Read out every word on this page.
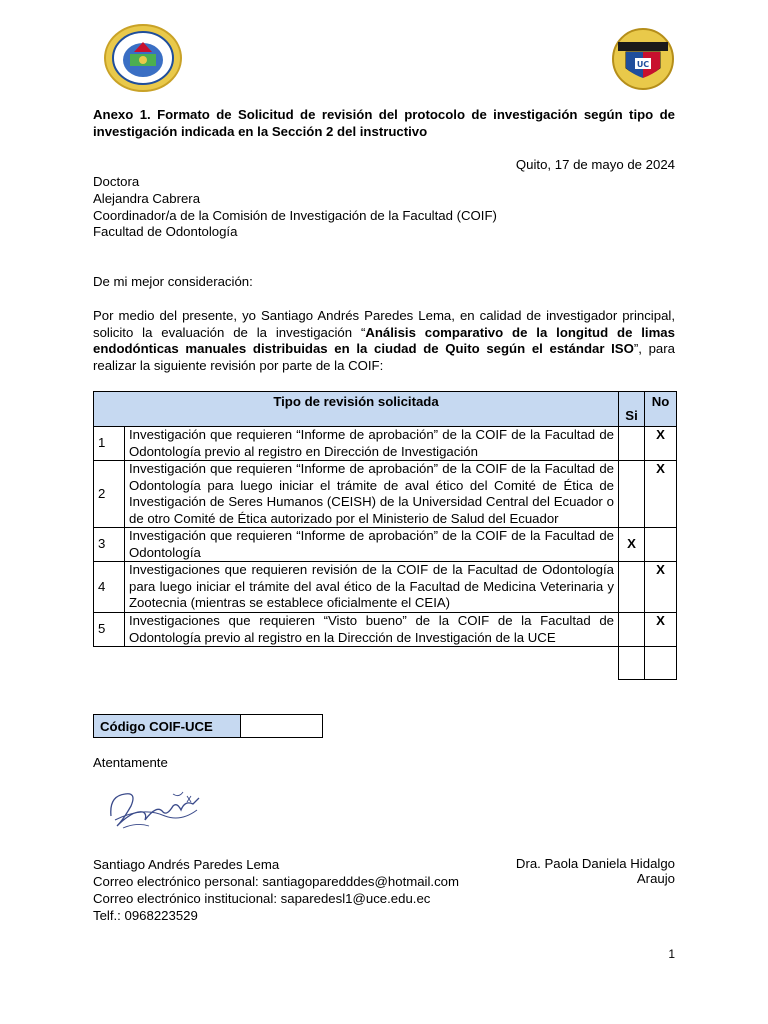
UC
Anexo 1. Formato de Solicitud de revisión del protocolo de investigación según tipo de investigación indicada en la Sección 2 del instructivo
Quito, 17 de mayo de 2024
Doctora
Alejandra Cabrera
Coordinador/a de la Comisión de Investigación de la Facultad (COIF)
Facultad de Odontología
De mi mejor consideración:
Por medio del presente, yo Santiago Andrés Paredes Lema, en calidad de investigador principal, solicito la evaluación de la investigación “Análisis comparativo de la longitud de limas endodónticas manuales distribuidas en la ciudad de Quito según el estándar ISO”, para realizar la siguiente revisión por parte de la COIF:
Tipo de revisión solicitada		Si	No
1	Investigación que requieren “Informe de aprobación” de la COIF de la Facultad de Odontología previo al registro en Dirección de Investigación		X
2	Investigación que requieren “Informe de aprobación” de la COIF de la Facultad de Odontología para luego iniciar el trámite de aval ético del Comité de Ética de Investigación de Seres Humanos (CEISH) de la Universidad Central del Ecuador o de otro Comité de Ética autorizado por el Ministerio de Salud del Ecuador		X
3	Investigación que requieren “Informe de aprobación” de la COIF de la Facultad de Odontología	X	
4	Investigaciones que requieren revisión de la COIF de la Facultad de Odontología para luego iniciar el trámite del aval ético de la Facultad de Medicina Veterinaria y Zootecnia (mientras se establece oficialmente el CEIA)		X
5	Investigaciones que requieren “Visto bueno” de la COIF de la Facultad de Odontología previo al registro en la Dirección de Investigación de la UCE		X

Código COIF-UCE	
Atentamente
Santiago Andrés Paredes Lema
Correo electrónico personal: santiagoparedddes@hotmail.com
Correo electrónico institucional: saparedesl1@uce.edu.ec
Telf.: 0968223529
Dra. Paola Daniela Hidalgo Araujo
1
